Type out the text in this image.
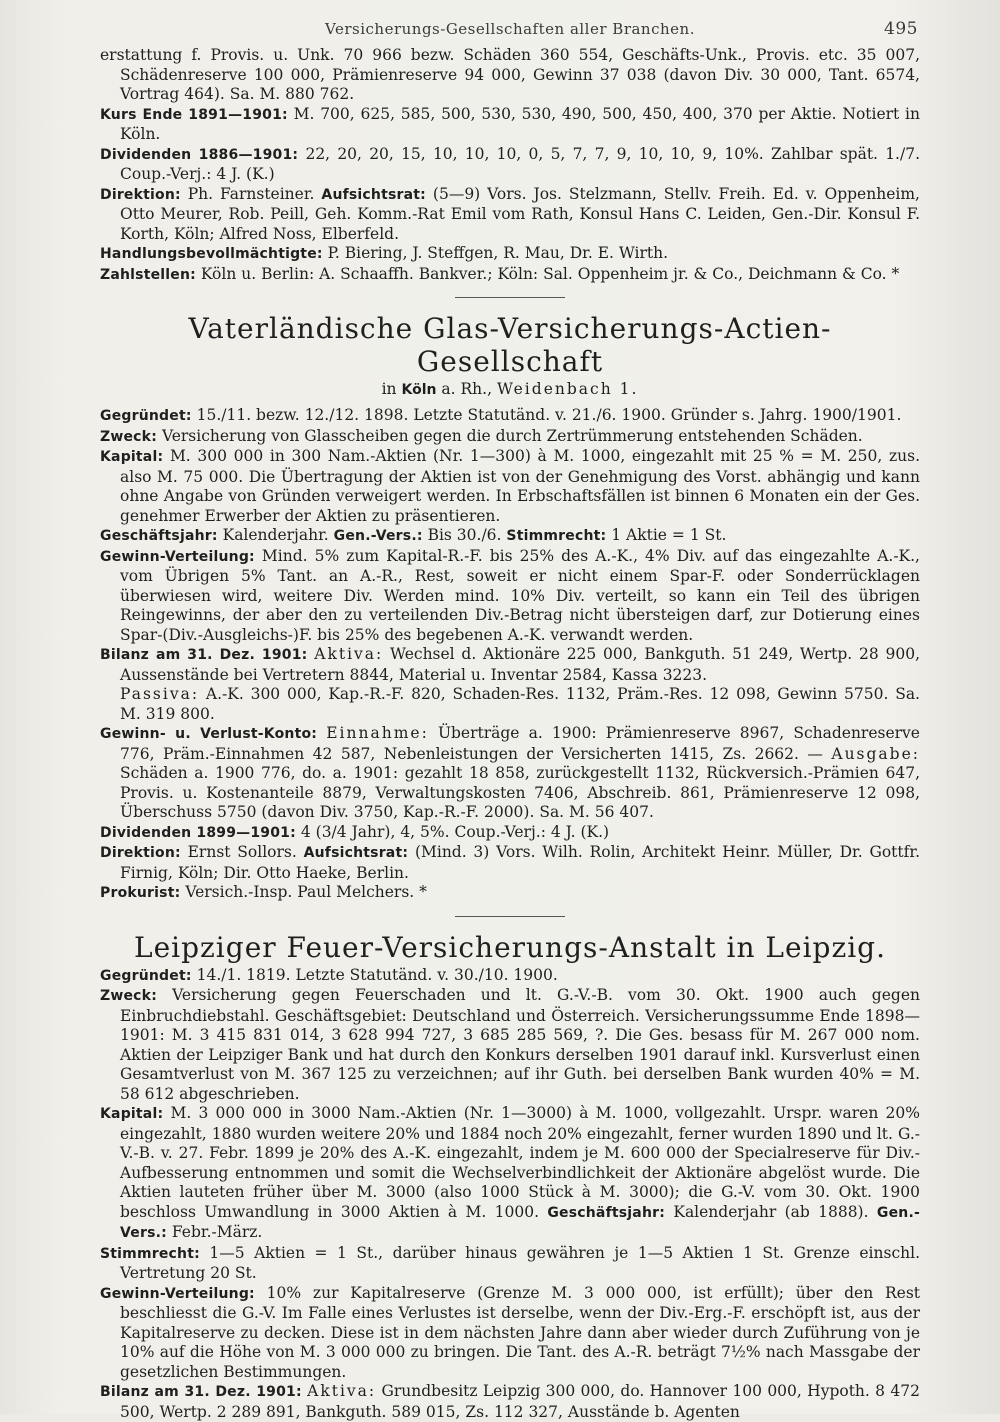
Versicherungs-Gesellschaften aller Branchen.	495

erstattung f. Provis. u. Unk. 70 966 bezw. Schäden 360 554, Geschäfts-Unk., Provis. etc. 35 007, Schädenreserve 100 000, Prämienreserve 94 000, Gewinn 37 038 (davon Div. 30 000, Tant. 6574, Vortrag 464). Sa. M. 880 762.

Kurs Ende 1891—1901: M. 700, 625, 585, 500, 530, 530, 490, 500, 450, 400, 370 per Aktie. Notiert in Köln.

Dividenden 1886—1901: 22, 20, 20, 15, 10, 10, 10, 0, 5, 7, 7, 9, 10, 10, 9, 10%. Zahlbar spät. 1./7. Coup.-Verj.: 4 J. (K.)

Direktion: Ph. Farnsteiner. Aufsichtsrat: (5—9) Vors. Jos. Stelzmann, Stellv. Freih. Ed. v. Oppenheim, Otto Meurer, Rob. Peill, Geh. Komm.-Rat Emil vom Rath, Konsul Hans C. Leiden, Gen.-Dir. Konsul F. Korth, Köln; Alfred Noss, Elberfeld.

Handlungsbevollmächtigte: P. Biering, J. Steffgen, R. Mau, Dr. E. Wirth.

Zahlstellen: Köln u. Berlin: A. Schaaffh. Bankver.; Köln: Sal. Oppenheim jr. & Co., Deichmann & Co. *

Vaterländische Glas-Versicherungs-Actien-Gesellschaft

in Köln a. Rh., Weidenbach 1.

Gegründet: 15./11. bezw. 12./12. 1898. Letzte Statutänd. v. 21./6. 1900. Gründer s. Jahrg. 1900/1901.

Zweck: Versicherung von Glasscheiben gegen die durch Zertrümmerung entstehenden Schäden.

Kapital: M. 300 000 in 300 Nam.-Aktien (Nr. 1—300) à M. 1000, eingezahlt mit 25 % = M. 250, zus. also M. 75 000. Die Übertragung der Aktien ist von der Genehmigung des Vorst. abhängig und kann ohne Angabe von Gründen verweigert werden. In Erbschaftsfällen ist binnen 6 Monaten ein der Ges. genehmer Erwerber der Aktien zu präsentieren.

Geschäftsjahr: Kalenderjahr. Gen.-Vers.: Bis 30./6. Stimmrecht: 1 Aktie = 1 St.

Gewinn-Verteilung: Mind. 5% zum Kapital-R.-F. bis 25% des A.-K., 4% Div. auf das eingezahlte A.-K., vom Übrigen 5% Tant. an A.-R., Rest, soweit er nicht einem Spar-F. oder Sonderrücklagen überwiesen wird, weitere Div. Werden mind. 10% Div. verteilt, so kann ein Teil des übrigen Reingewinns, der aber den zu verteilenden Div.-Betrag nicht übersteigen darf, zur Dotierung eines Spar-(Div.-Ausgleichs-)F. bis 25% des begebenen A.-K. verwandt werden.

Bilanz am 31. Dez. 1901: Aktiva: Wechsel d. Aktionäre 225 000, Bankguth. 51 249, Wertp. 28 900, Aussenstände bei Vertretern 8844, Material u. Inventar 2584, Kassa 3223.

Passiva: A.-K. 300 000, Kap.-R.-F. 820, Schaden-Res. 1132, Präm.-Res. 12 098, Gewinn 5750. Sa. M. 319 800.

Gewinn- u. Verlust-Konto: Einnahme: Überträge a. 1900: Prämienreserve 8967, Schadenreserve 776, Präm.-Einnahmen 42 587, Nebenleistungen der Versicherten 1415, Zs. 2662. — Ausgabe: Schäden a. 1900 776, do. a. 1901: gezahlt 18 858, zurückgestellt 1132, Rückversich.-Prämien 647, Provis. u. Kostenanteile 8879, Verwaltungskosten 7406, Abschreib. 861, Prämienreserve 12 098, Überschuss 5750 (davon Div. 3750, Kap.-R.-F. 2000). Sa. M. 56 407.

Dividenden 1899—1901: 4 (3/4 Jahr), 4, 5%. Coup.-Verj.: 4 J. (K.)

Direktion: Ernst Sollors. Aufsichtsrat: (Mind. 3) Vors. Wilh. Rolin, Architekt Heinr. Müller, Dr. Gottfr. Firnig, Köln; Dir. Otto Haeke, Berlin.

Prokurist: Versich.-Insp. Paul Melchers. *

Leipziger Feuer-Versicherungs-Anstalt in Leipzig.

Gegründet: 14./1. 1819. Letzte Statutänd. v. 30./10. 1900.

Zweck: Versicherung gegen Feuerschaden und lt. G.-V.-B. vom 30. Okt. 1900 auch gegen Einbruchdiebstahl. Geschäftsgebiet: Deutschland und Österreich. Versicherungssumme Ende 1898—1901: M. 3 415 831 014, 3 628 994 727, 3 685 285 569, ?. Die Ges. besass für M. 267 000 nom. Aktien der Leipziger Bank und hat durch den Konkurs derselben 1901 darauf inkl. Kursverlust einen Gesamtverlust von M. 367 125 zu verzeichnen; auf ihr Guth. bei derselben Bank wurden 40% = M. 58 612 abgeschrieben.

Kapital: M. 3 000 000 in 3000 Nam.-Aktien (Nr. 1—3000) à M. 1000, vollgezahlt. Urspr. waren 20% eingezahlt, 1880 wurden weitere 20% und 1884 noch 20% eingezahlt, ferner wurden 1890 und lt. G.-V.-B. v. 27. Febr. 1899 je 20% des A.-K. eingezahlt, indem je M. 600 000 der Specialreserve für Div.-Aufbesserung entnommen und somit die Wechselverbindlichkeit der Aktionäre abgelöst wurde. Die Aktien lauteten früher über M. 3000 (also 1000 Stück à M. 3000); die G.-V. vom 30. Okt. 1900 beschloss Umwandlung in 3000 Aktien à M. 1000. Geschäftsjahr: Kalenderjahr (ab 1888). Gen.-Vers.: Febr.-März.

Stimmrecht: 1—5 Aktien = 1 St., darüber hinaus gewähren je 1—5 Aktien 1 St. Grenze einschl. Vertretung 20 St.

Gewinn-Verteilung: 10% zur Kapitalreserve (Grenze M. 3 000 000, ist erfüllt); über den Rest beschliesst die G.-V. Im Falle eines Verlustes ist derselbe, wenn der Div.-Erg.-F. erschöpft ist, aus der Kapitalreserve zu decken. Diese ist in dem nächsten Jahre dann aber wieder durch Zuführung von je 10% auf die Höhe von M. 3 000 000 zu bringen. Die Tant. des A.-R. beträgt 7½% nach Massgabe der gesetzlichen Bestimmungen.

Bilanz am 31. Dez. 1901: Aktiva: Grundbesitz Leipzig 300 000, do. Hannover 100 000, Hypoth. 8 472 500, Wertp. 2 289 891, Bankguth. 589 015, Zs. 112 327, Ausstände b. Agenten
